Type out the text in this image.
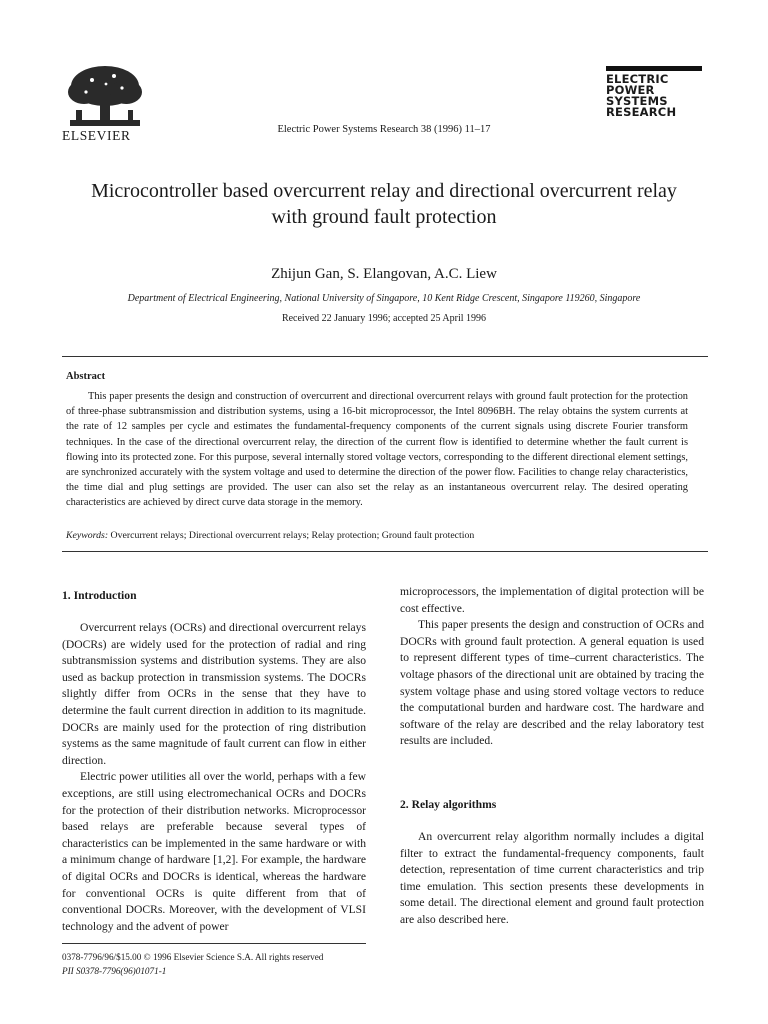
ELSEVIER	Electric Power Systems Research 38 (1996) 11–17
ELECTRIC
POWER
SYSTEMS
RESEARCH
Microcontroller based overcurrent relay and directional overcurrent relay with ground fault protection
Zhijun Gan, S. Elangovan, A.C. Liew
Department of Electrical Engineering, National University of Singapore, 10 Kent Ridge Crescent, Singapore 119260, Singapore
Received 22 January 1996; accepted 25 April 1996
Abstract
This paper presents the design and construction of overcurrent and directional overcurrent relays with ground fault protection for the protection of three-phase subtransmission and distribution systems, using a 16-bit microprocessor, the Intel 8096BH. The relay obtains the system currents at the rate of 12 samples per cycle and estimates the fundamental-frequency components of the current signals using discrete Fourier transform techniques. In the case of the directional overcurrent relay, the direction of the current flow is identified to determine whether the fault current is flowing into its protected zone. For this purpose, several internally stored voltage vectors, corresponding to the different directional element settings, are synchronized accurately with the system voltage and used to determine the direction of the power flow. Facilities to change relay characteristics, the time dial and plug settings are provided. The user can also set the relay as an instantaneous overcurrent relay. The desired operating characteristics are achieved by direct curve data storage in the memory.
Keywords: Overcurrent relays; Directional overcurrent relays; Relay protection; Ground fault protection
1. Introduction

Overcurrent relays (OCRs) and directional overcurrent relays (DOCRs) are widely used for the protection of radial and ring subtransmission systems and distribution systems. They are also used as backup protection in transmission systems. The DOCRs slightly differ from OCRs in the sense that they have to determine the fault current direction in addition to its magnitude. DOCRs are mainly used for the protection of ring distribution systems as the same magnitude of fault current can flow in either direction.

Electric power utilities all over the world, perhaps with a few exceptions, are still using electromechanical OCRs and DOCRs for the protection of their distribution networks. Microprocessor based relays are preferable because several types of characteristics can be implemented in the same hardware or with a minimum change of hardware [1,2]. For example, the hardware of digital OCRs and DOCRs is identical, whereas the hardware for conventional OCRs is quite different from that of conventional DOCRs. Moreover, with the development of VLSI technology and the advent of power

microprocessors, the implementation of digital protection will be cost effective.

This paper presents the design and construction of OCRs and DOCRs with ground fault protection. A general equation is used to represent different types of time–current characteristics. The voltage phasors of the directional unit are obtained by tracing the system voltage phase and using stored voltage vectors to reduce the computational burden and hardware cost. The hardware and software of the relay are described and the relay laboratory test results are included.

2. Relay algorithms

An overcurrent relay algorithm normally includes a digital filter to extract the fundamental-frequency components, fault detection, representation of time current characteristics and trip time emulation. This section presents these developments in some detail. The directional element and ground fault protection are also described here.

0378-7796/96/$15.00 © 1996 Elsevier Science S.A. All rights reserved
PII S0378-7796(96)01071-1
